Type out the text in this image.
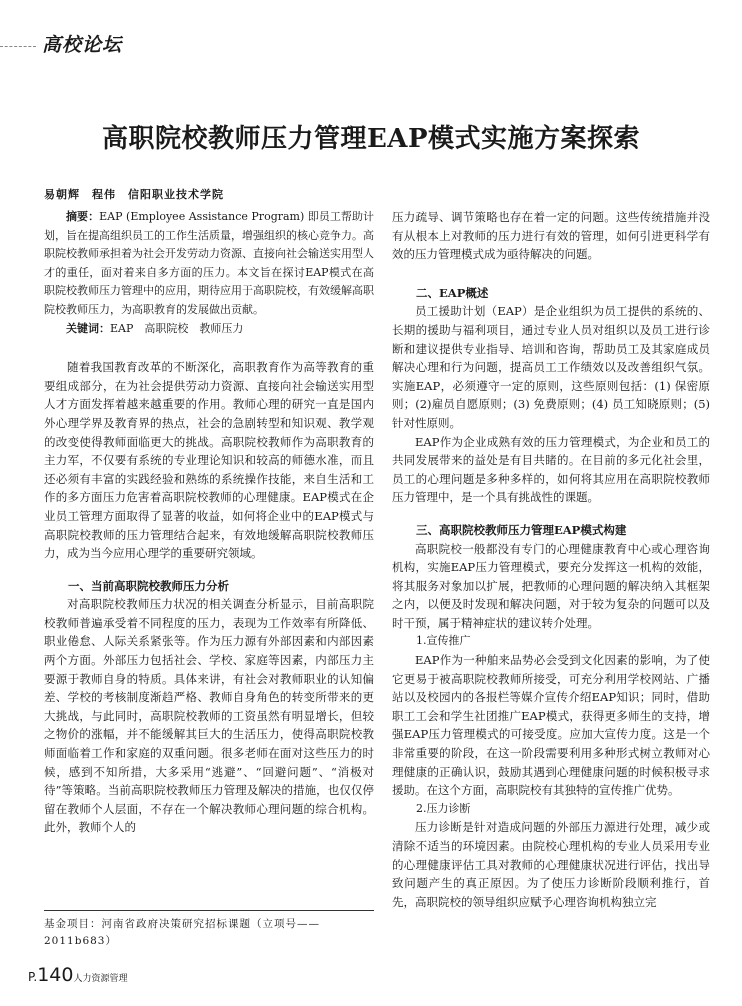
高校论坛
高职院校教师压力管理EAP模式实施方案探索
易朝辉　程伟　信阳职业技术学院

摘要：EAP (Employee Assistance Program) 即员工帮助计划，旨在提高组织员工的工作生活质量，增强组织的核心竞争力。高职院校教师承担着为社会开发劳动力资源、直接向社会输送实用型人才的重任，面对着来自多方面的压力。本文旨在探讨EAP模式在高职院校教师压力管理中的应用，期待应用于高职院校，有效缓解高职院校教师压力，为高职教育的发展做出贡献。

关键词：EAP　高职院校　教师压力

随着我国教育改革的不断深化，高职教育作为高等教育的重要组成部分，在为社会提供劳动力资源、直接向社会输送实用型人才方面发挥着越来越重要的作用。教师心理的研究一直是国内外心理学界及教育界的热点，社会的急剧转型和知识观、教学观的改变使得教师面临更大的挑战。高职院校教师作为高职教育的主力军，不仅要有系统的专业理论知识和较高的师德水准，而且还必须有丰富的实践经验和熟练的系统操作技能，来自生活和工作的多方面压力危害着高职院校教师的心理健康。EAP模式在企业员工管理方面取得了显著的收益，如何将企业中的EAP模式与高职院校教师的压力管理结合起来，有效地缓解高职院校教师压力，成为当今应用心理学的重要研究领域。

一、当前高职院校教师压力分析

对高职院校教师压力状况的相关调查分析显示，目前高职院校教师普遍承受着不同程度的压力，表现为工作效率有所降低、职业倦怠、人际关系紧张等。作为压力源有外部因素和内部因素两个方面。外部压力包括社会、学校、家庭等因素，内部压力主要源于教师自身的特质。具体来讲，有社会对教师职业的认知偏差、学校的考核制度渐趋严格、教师自身角色的转变所带来的更大挑战，与此同时，高职院校教师的工资虽然有明显增长，但较之物价的涨幅，并不能缓解其巨大的生活压力，使得高职院校教师面临着工作和家庭的双重问题。很多老师在面对这些压力的时候，感到不知所措，大多采用“逃避”、“回避问题”、“消极对待”等策略。当前高职院校教师压力管理及解决的措施，也仅仅停留在教师个人层面，不存在一个解决教师心理问题的综合机构。此外，教师个人的

压力疏导、调节策略也存在着一定的问题。这些传统措施并没有从根本上对教师的压力进行有效的管理，如何引进更科学有效的压力管理模式成为亟待解决的问题。

二、EAP概述

员工援助计划（EAP）是企业组织为员工提供的系统的、长期的援助与福利项目，通过专业人员对组织以及员工进行诊断和建议提供专业指导、培训和咨询，帮助员工及其家庭成员解决心理和行为问题，提高员工工作绩效以及改善组织气氛。实施EAP，必须遵守一定的原则，这些原则包括：(1) 保密原则；(2)雇员自愿原则；(3) 免费原则；(4) 员工知晓原则；(5) 针对性原则。

EAP作为企业成熟有效的压力管理模式，为企业和员工的共同发展带来的益处是有目共睹的。在目前的多元化社会里，员工的心理问题是多种多样的，如何将其应用在高职院校教师压力管理中，是一个具有挑战性的课题。

三、高职院校教师压力管理EAP模式构建

高职院校一般都没有专门的心理健康教育中心或心理咨询机构，实施EAP压力管理模式，要充分发挥这一机构的效能，将其服务对象加以扩展，把教师的心理问题的解决纳入其框架之内，以便及时发现和解决问题，对于较为复杂的问题可以及时干预，属于精神症状的建议转介处理。

1.宣传推广

EAP作为一种舶来品势必会受到文化因素的影响，为了使它更易于被高职院校教师所接受，可充分利用学校网站、广播站以及校园内的各报栏等媒介宣传介绍EAP知识；同时，借助职工工会和学生社团推广EAP模式，获得更多师生的支持，增强EAP压力管理模式的可接受度。应加大宣传力度。这是一个非常重要的阶段，在这一阶段需要利用多种形式树立教师对心理健康的正确认识，鼓励其遇到心理健康问题的时候积极寻求援助。在这个方面，高职院校有其独特的宣传推广优势。

2.压力诊断

压力诊断是针对造成问题的外部压力源进行处理，减少或清除不适当的环境因素。由院校心理机构的专业人员采用专业的心理健康评估工具对教师的心理健康状况进行评估，找出导致问题产生的真正原因。为了使压力诊断阶段顺利推行，首先，高职院校的领导组织应赋予心理咨询机构独立完

基金项目：河南省政府决策研究招标课题（立项号——2011b683）
P.140人力资源管理
